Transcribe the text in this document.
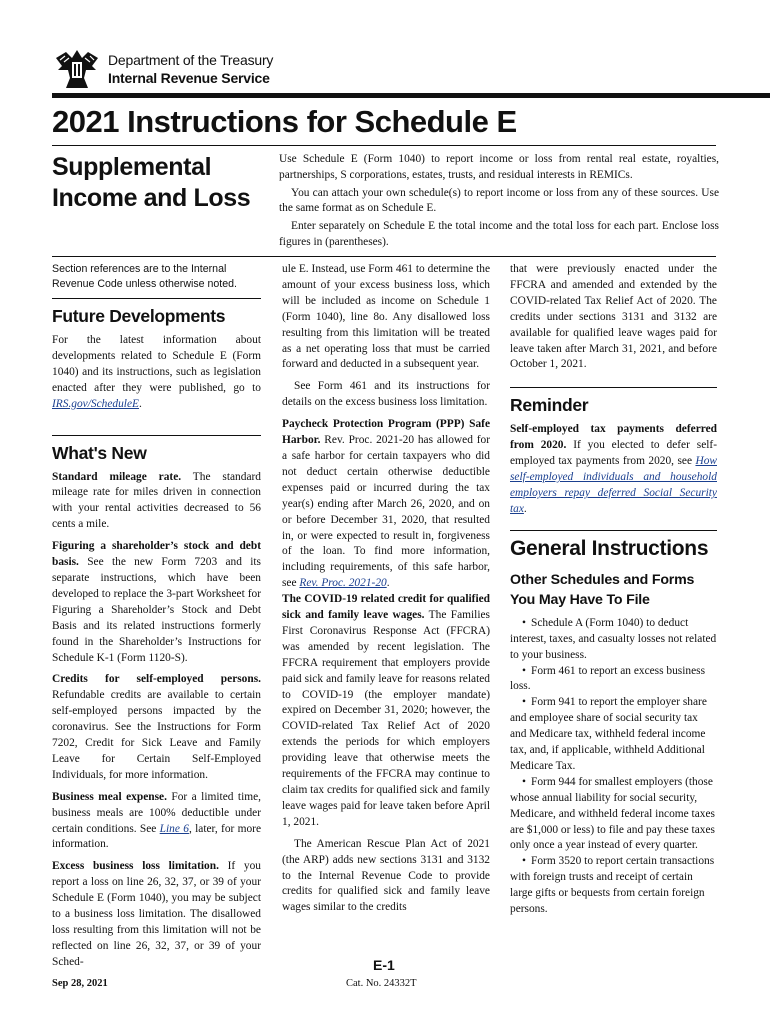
Department of the Treasury
Internal Revenue Service
2021 Instructions for Schedule E
Supplemental Income and Loss

Use Schedule E (Form 1040) to report income or loss from rental real estate, royalties, partnerships, S corporations, estates, trusts, and residual interests in REMICs.

You can attach your own schedule(s) to report income or loss from any of these sources. Use the same format as on Schedule E.

Enter separately on Schedule E the total income and the total loss for each part. Enclose loss figures in (parentheses).

Section references are to the Internal Revenue Code unless otherwise noted.

Future Developments

For the latest information about developments related to Schedule E (Form 1040) and its instructions, such as legislation enacted after they were published, go to IRS.gov/ScheduleE.

What's New

Standard mileage rate. The standard mileage rate for miles driven in connection with your rental activities decreased to 56 cents a mile.

Figuring a shareholder’s stock and debt basis. See the new Form 7203 and its separate instructions, which have been developed to replace the 3-part Worksheet for Figuring a Shareholder’s Stock and Debt Basis and its related instructions formerly found in the Shareholder’s Instructions for Schedule K-1 (Form 1120-S).

Credits for self-employed persons. Refundable credits are available to certain self-employed persons impacted by the coronavirus. See the Instructions for Form 7202, Credit for Sick Leave and Family Leave for Certain Self-Employed Individuals, for more information.

Business meal expense. For a limited time, business meals are 100% deductible under certain conditions. See Line 6, later, for more information.

Excess business loss limitation. If you report a loss on line 26, 32, 37, or 39 of your Schedule E (Form 1040), you may be subject to a business loss limitation. The disallowed loss resulting from this limitation will not be reflected on line 26, 32, 37, or 39 of your Sched-

ule E. Instead, use Form 461 to determine the amount of your excess business loss, which will be included as income on Schedule 1 (Form 1040), line 8o. Any disallowed loss resulting from this limitation will be treated as a net operating loss that must be carried forward and deducted in a subsequent year.

See Form 461 and its instructions for details on the excess business loss limitation.

Paycheck Protection Program (PPP) Safe Harbor. Rev. Proc. 2021-20 has allowed for a safe harbor for certain taxpayers who did not deduct certain otherwise deductible expenses paid or incurred during the tax year(s) ending after March 26, 2020, and on or before December 31, 2020, that resulted in, or were expected to result in, forgiveness of the loan. To find more information, including requirements, of this safe harbor, see Rev. Proc. 2021-20.

The COVID-19 related credit for qualified sick and family leave wages. The Families First Coronavirus Response Act (FFCRA) was amended by recent legislation. The FFCRA requirement that employers provide paid sick and family leave for reasons related to COVID-19 (the employer mandate) expired on December 31, 2020; however, the COVID-related Tax Relief Act of 2020 extends the periods for which employers providing leave that otherwise meets the requirements of the FFCRA may continue to claim tax credits for qualified sick and family leave wages paid for leave taken before April 1, 2021.

The American Rescue Plan Act of 2021 (the ARP) adds new sections 3131 and 3132 to the Internal Revenue Code to provide credits for qualified sick and family leave wages similar to the credits

that were previously enacted under the FFCRA and amended and extended by the COVID-related Tax Relief Act of 2020. The credits under sections 3131 and 3132 are available for qualified leave wages paid for leave taken after March 31, 2021, and before October 1, 2021.

Reminder

Self-employed tax payments deferred from 2020. If you elected to defer self-employed tax payments from 2020, see How self-employed individuals and household employers repay deferred Social Security tax.

General Instructions
Other Schedules and Forms You May Have To File

• Schedule A (Form 1040) to deduct interest, taxes, and casualty losses not related to your business.

• Form 461 to report an excess business loss.

• Form 941 to report the employer share and employee share of social security tax and Medicare tax, withheld federal income tax, and, if applicable, withheld Additional Medicare Tax.

• Form 944 for smallest employers (those whose annual liability for social security, Medicare, and withheld federal income taxes are $1,000 or less) to file and pay these taxes only once a year instead of every quarter.

• Form 3520 to report certain transactions with foreign trusts and receipt of certain large gifts or bequests from certain foreign persons.

E-1
Sep 28, 2021	Cat. No. 24332T
